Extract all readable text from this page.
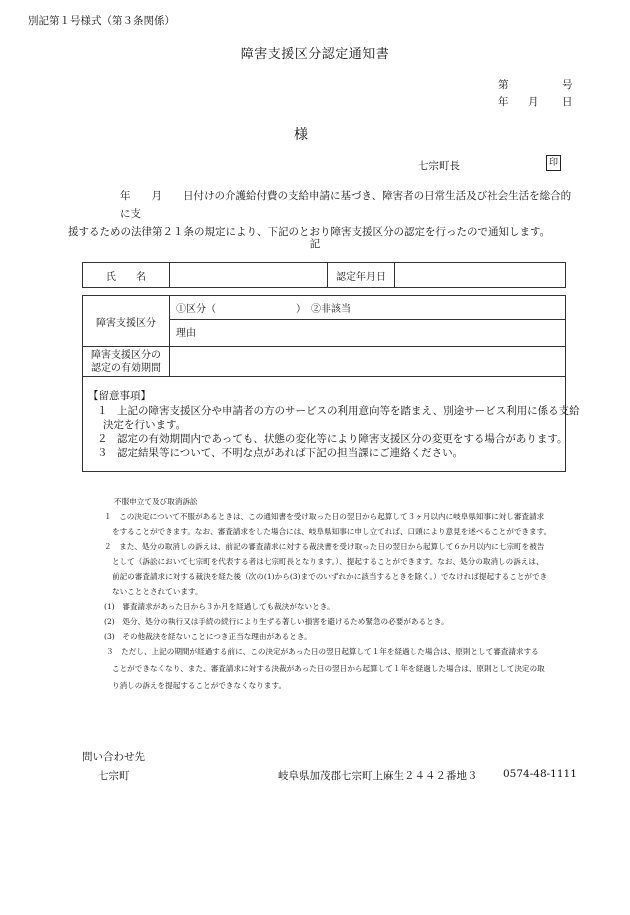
別記第１号様式（第３条関係）
障害支援区分認定通知書
第	号
年 月 日
様
七宗町長	印

年　　月　　日付けの介護給付費の支給申請に基づき、障害者の日常生活及び社会生活を総合的に支

援するための法律第２１条の規定により、下記のとおり障害支援区分の認定を行ったので通知します。

記
氏　　名		認定年月日	
障害支援区分	①区分（　　　　　　　　）　②非該当
	理由
障害支援区分の
認定の有効期間	
【留意事項】
１ 上記の障害支援区分や申請者の方のサービスの利用意向等を踏まえ、別途サービス利用に係る支給
決定を行います。
２ 認定の有効期間内であっても、状態の変化等により障害支援区分の変更をする場合があります。
３ 認定結果等について、不明な点があれば下記の担当課にご連絡ください。
不服申立て及び取消訴訟
１　この決定について不服があるときは、この通知書を受け取った日の翌日から起算して３ヶ月以内に岐阜県知事に対し審査請求
をすることができます。なお、審査請求をした場合には、岐阜県知事に申し立てれば、口頭により意見を述べることができます。
２　また、処分の取消しの訴えは、前記の審査請求に対する裁決書を受け取った日の翌日から起算して６か月以内に七宗町を被告
として（訴訟において七宗町を代表する者は七宗町長となります。）、提起することができます。なお、処分の取消しの訴えは、
前記の審査請求に対する裁決を経た後（次の(1)から(3)までのいずれかに該当するときを除く。）でなければ提起することができ
ないこととされています。
(1)　審査請求があった日から３か月を経過しても裁決がないとき。
(2)　処分、処分の執行又は手続の続行により生ずる著しい損害を避けるため緊急の必要があるとき。
(3)　その他裁決を経ないことにつき正当な理由があるとき。
３　ただし、上記の期間が経過する前に、この決定があった日の翌日起算して１年を経過した場合は、原則として審査請求する
ことができなくなり、また、審査請求に対する決裁があった日の翌日から起算して１年を経過した場合は、原則として決定の取
り消しの訴えを提起することができなくなります。
問い合わせ先
七宗町	岐阜県加茂郡七宗町上麻生２４４２番地３ 0574-48-1111
